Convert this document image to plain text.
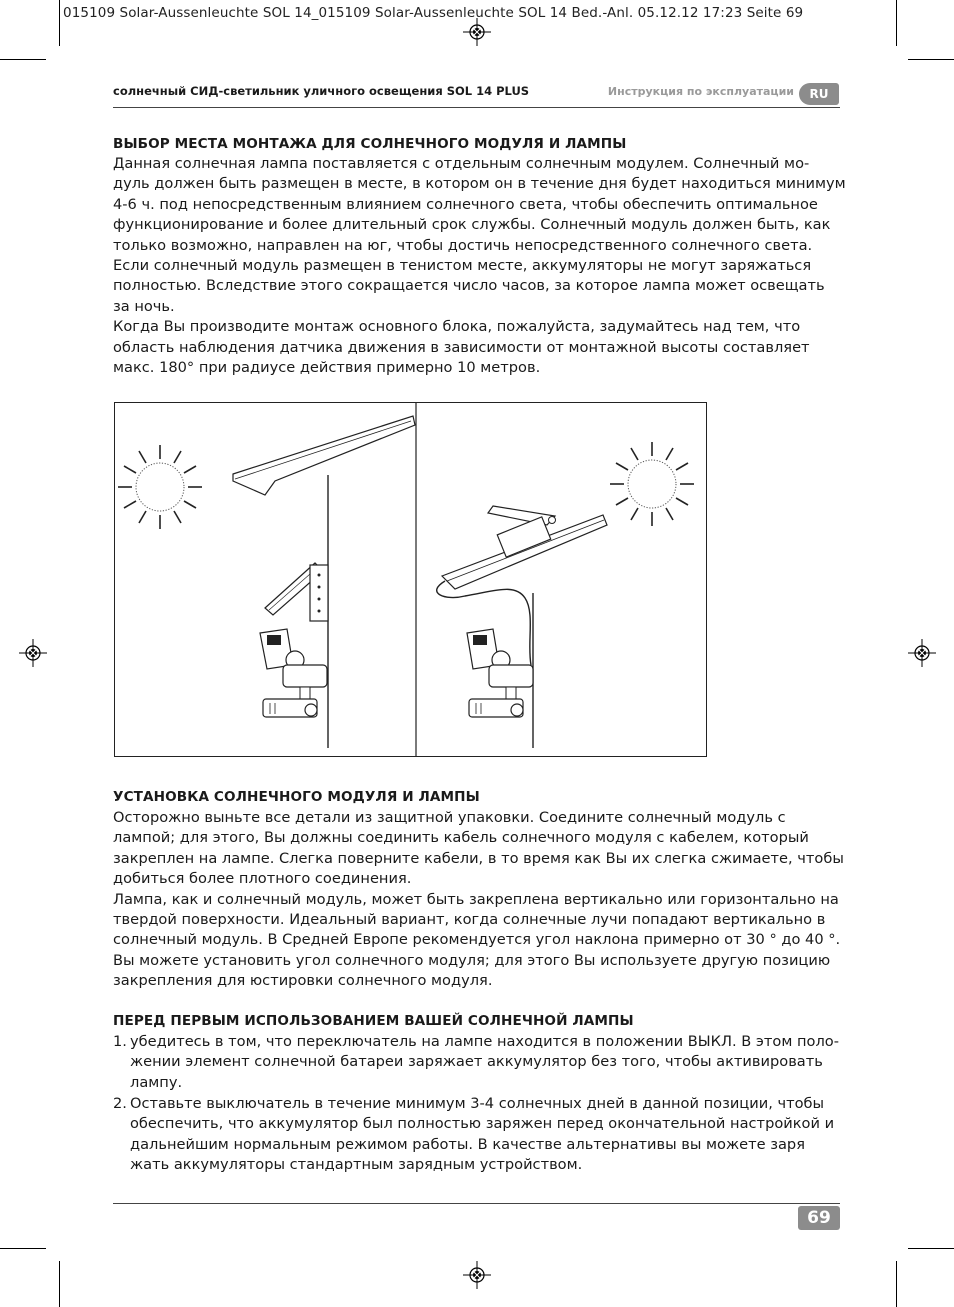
015109 Solar-Aussenleuchte SOL 14_015109 Solar-Aussenleuchte SOL 14 Bed.-Anl. 05.12.12 17:23 Seite 69
солнечный СИД-светильник уличного освещения SOL 14 PLUS	Инструкция по эксплуатации	RU
ВЫБОР МЕСТА МОНТАЖА ДЛЯ СОЛНЕЧНОГО МОДУЛЯ И ЛАМПЫ
Данная солнечная лампа поставляется с отдельным солнечным модулем. Солнечный мо-
дуль должен быть размещен в месте, в котором он в течение дня будет находиться минимум
4-6 ч. под непосредственным влиянием солнечного света, чтобы обеспечить оптимальное
функционирование и более длительный срок службы. Солнечный модуль должен быть, как
только возможно, направлен на юг, чтобы достичь непосредственного солнечного света.
Если солнечный модуль размещен в тенистом месте, аккумуляторы не могут заряжаться
полностью. Вследствие этого сокращается число часов, за которое лампа может освещать
за ночь.
Когда Вы производите монтаж основного блока, пожалуйста, задумайтесь над тем, что
область наблюдения датчика движения в зависимости от монтажной высоты составляет
макс. 180° при радиусе действия примерно 10 метров.
УСТАНОВКА СОЛНЕЧНОГО МОДУЛЯ И ЛАМПЫ
Осторожно выньте все детали из защитной упаковки. Соедините солнечный модуль с
лампой; для этого, Вы должны соединить кабель солнечного модуля с кабелем, который
закреплен на лампе. Слегка поверните кабели, в то время как Вы их слегка сжимаете, чтобы
добиться более плотного соединения.
Лампа, как и солнечный модуль, может быть закреплена вертикально или горизонтально на
твердой поверхности. Идеальный вариант, когда солнечные лучи попадают вертикально в
солнечный модуль. В Средней Европе рекомендуется угол наклона примерно от 30 ° до 40 °.
Вы можете установить угол солнечного модуля; для этого Вы используете другую позицию
закрепления для юстировки солнечного модуля.
ПЕРЕД ПЕРВЫМ ИСПОЛЬЗОВАНИЕМ ВАШЕЙ СОЛНЕЧНОЙ ЛАМПЫ
1. убедитесь в том, что переключатель на лампе находится в положении ВЫКЛ. В этом поло-
жении элемент солнечной батареи заряжает аккумулятор без того, чтобы активировать
лампу.
2. Оставьте выключатель в течение минимум 3-4 солнечных дней в данной позиции, чтобы
обеспечить, что аккумулятор был полностью заряжен перед окончательной настройкой и
дальнейшим нормальным режимом работы. В качестве альтернативы вы можете заря
жать аккумуляторы стандартным зарядным устройством.
69
